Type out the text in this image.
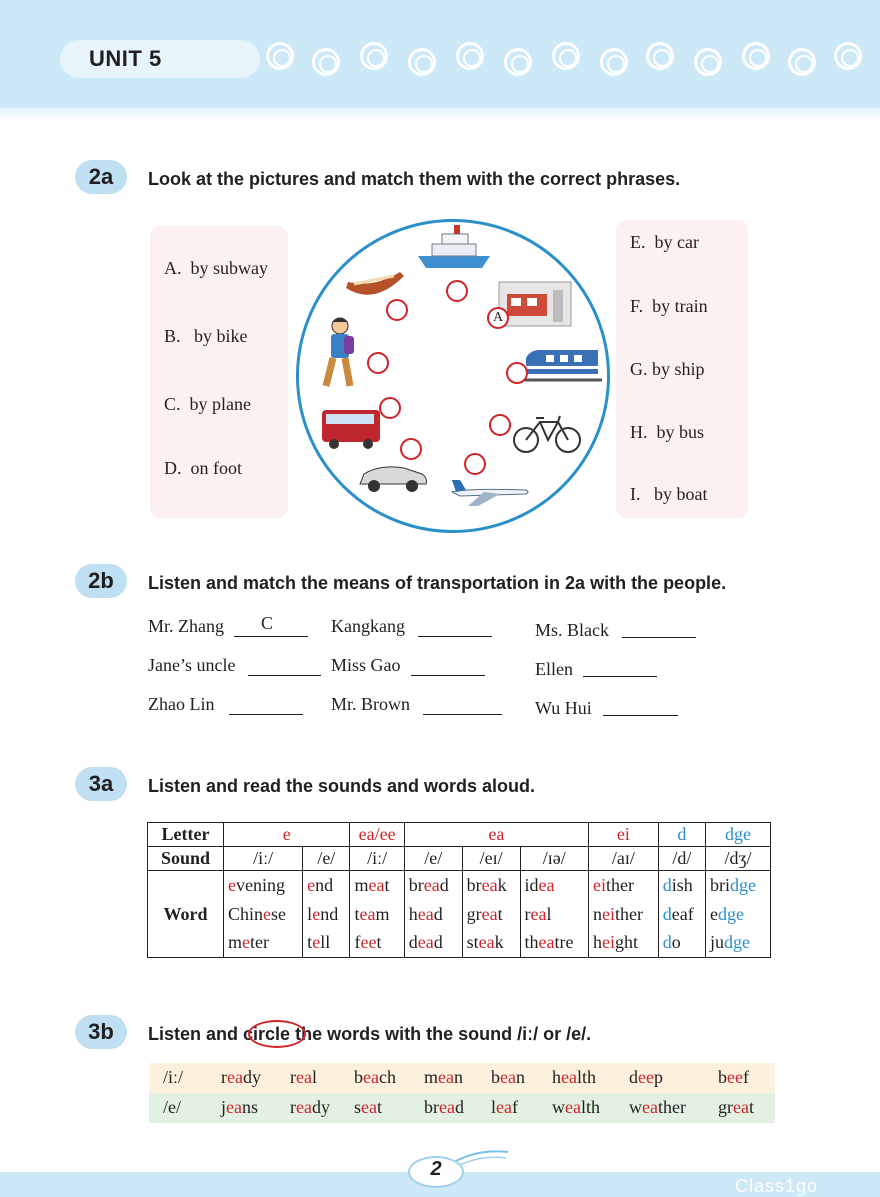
UNIT 5
2a	Look at the pictures and match them with the correct phrases.
A. by subway
B. by bike
C. by plane
D. on foot
E. by car
F. by train
G. by ship
H. by bus
I. by boat
A
2b	Listen and match the means of transportation in 2a with the people.
Mr. Zhang C	Kangkang	Ms. Black
Jane’s uncle	Miss Gao	Ellen
Zhao Lin	Mr. Brown	Wu Hui
3a	Listen and read the sounds and words aloud.
Letter	e		ea/ee	ea			ei	d	dge
Sound	/iː/	/e/	/iː/	/e/	/eɪ/	/ɪə/	/aɪ/	/d/	/dʒ/
Word	evening	end	meat	bread	break	idea	either	dish	bridge
	Chinese	lend	team	head	great	real	neither	deaf	edge
	meter	tell	feet	dead	steak	theatre	height	do	judge
3b	Listen and circle the words with the sound /iː/ or /e/.
/iː/ ready real beach mean bean health deep	beef
/e/ jeans ready seat bread leaf wealth weather great
2
Class1go
